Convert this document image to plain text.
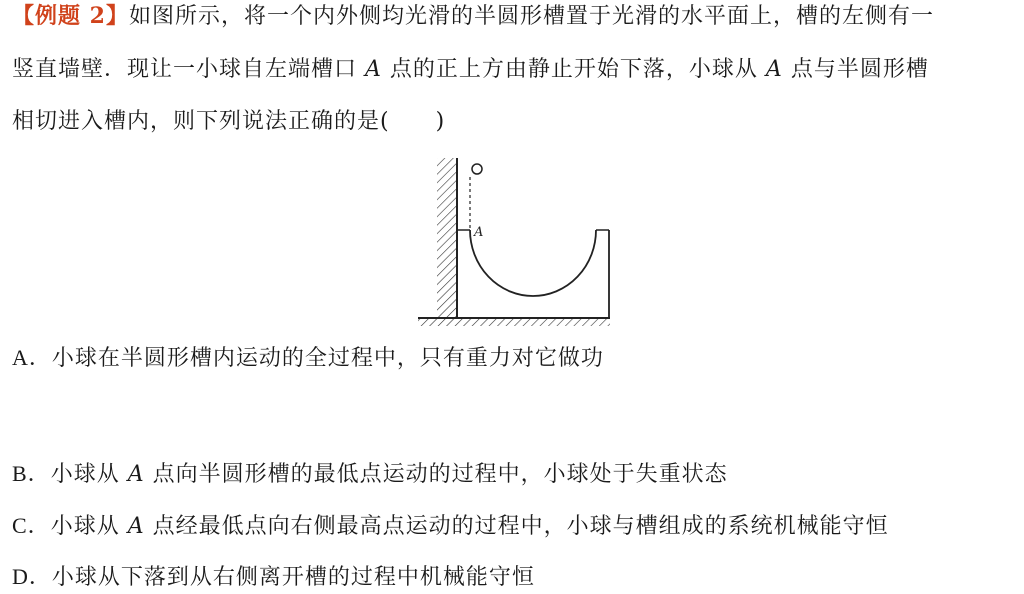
【例题 2】如图所示，将一个内外侧均光滑的半圆形槽置于光滑的水平面上，槽的左侧有一
竖直墙壁．现让一小球自左端槽口 A 点的正上方由静止开始下落，小球从 A 点与半圆形槽
相切进入槽内，则下列说法正确的是(　　)
A
A．小球在半圆形槽内运动的全过程中，只有重力对它做功
B．小球从 A 点向半圆形槽的最低点运动的过程中，小球处于失重状态
C．小球从 A 点经最低点向右侧最高点运动的过程中，小球与槽组成的系统机械能守恒
D．小球从下落到从右侧离开槽的过程中机械能守恒
